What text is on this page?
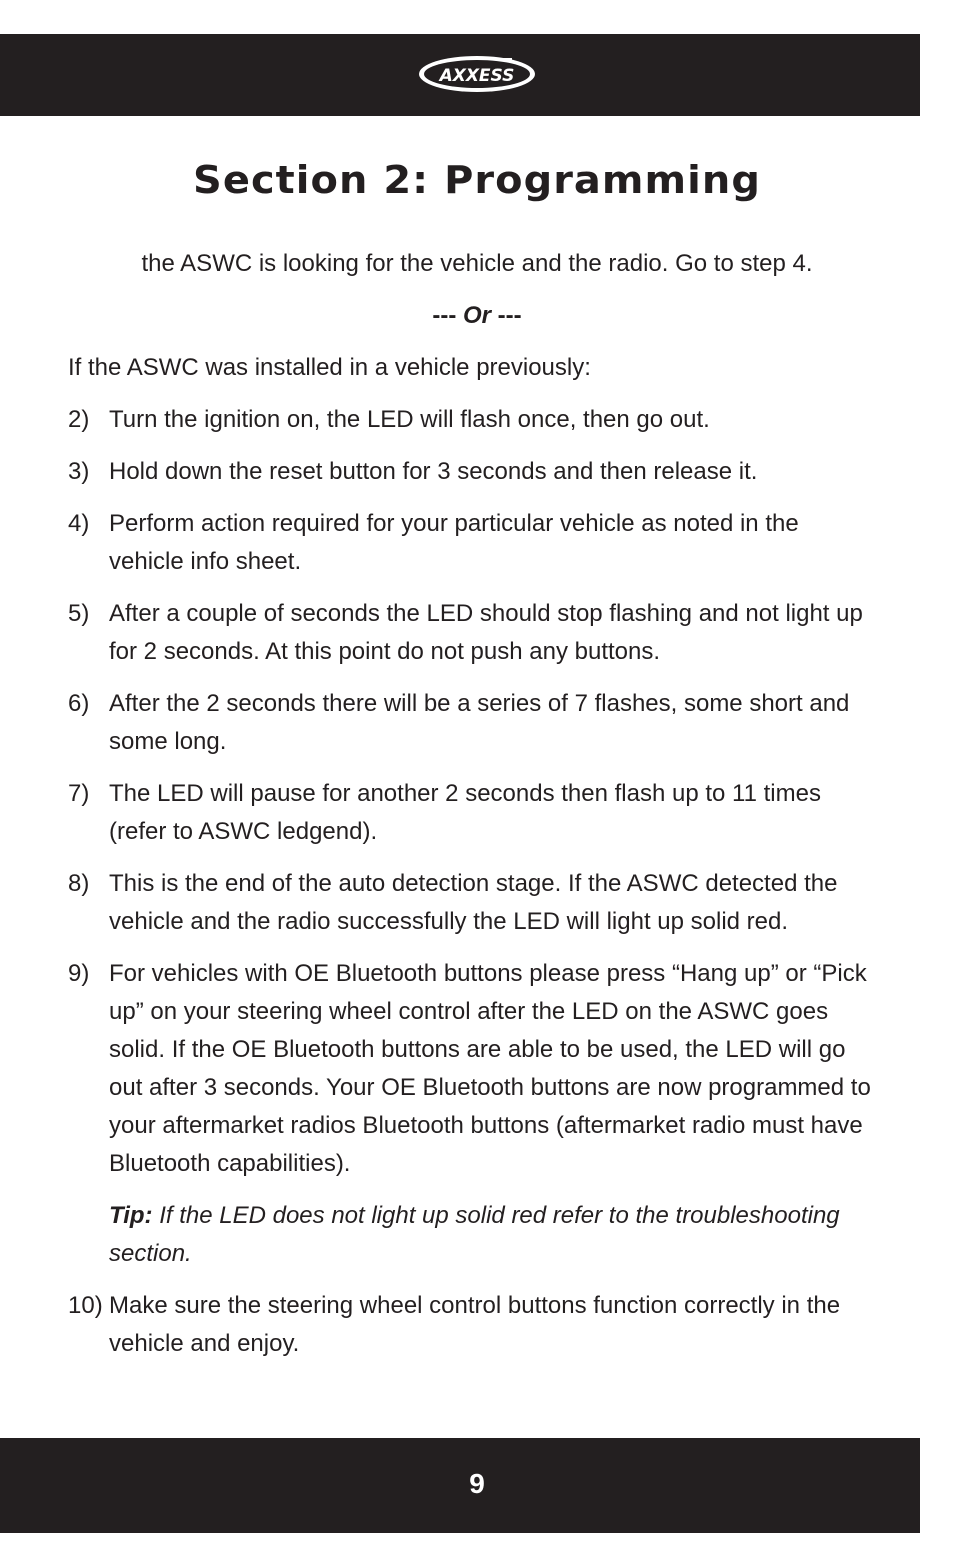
AXXESS
Section 2: Programming
the ASWC is looking for the vehicle and the radio. Go to step 4.
--- Or ---
If the ASWC was installed in a vehicle previously:
2) Turn the ignition on, the LED will flash once, then go out.
3) Hold down the reset button for 3 seconds and then release it.
4) Perform action required for your particular vehicle as noted in the vehicle info sheet.
5) After a couple of seconds the LED should stop flashing and not light up for 2 seconds. At this point do not push any buttons.
6) After the 2 seconds there will be a series of 7 flashes, some short and some long.
7) The LED will pause for another 2 seconds then flash up to 11 times (refer to ASWC ledgend).
8) This is the end of the auto detection stage. If the ASWC detected the vehicle and the radio successfully the LED will light up solid red.
9) For vehicles with OE Bluetooth buttons please press “Hang up” or “Pick up” on your steering wheel control after the LED on the ASWC goes solid. If the OE Bluetooth buttons are able to be used, the LED will go out after 3 seconds. Your OE Bluetooth buttons are now programmed to your aftermarket radios Bluetooth buttons (aftermarket radio must have Bluetooth capabilities).
Tip: If the LED does not light up solid red refer to the troubleshooting section.
10) Make sure the steering wheel control buttons function correctly in the vehicle and enjoy.
9
